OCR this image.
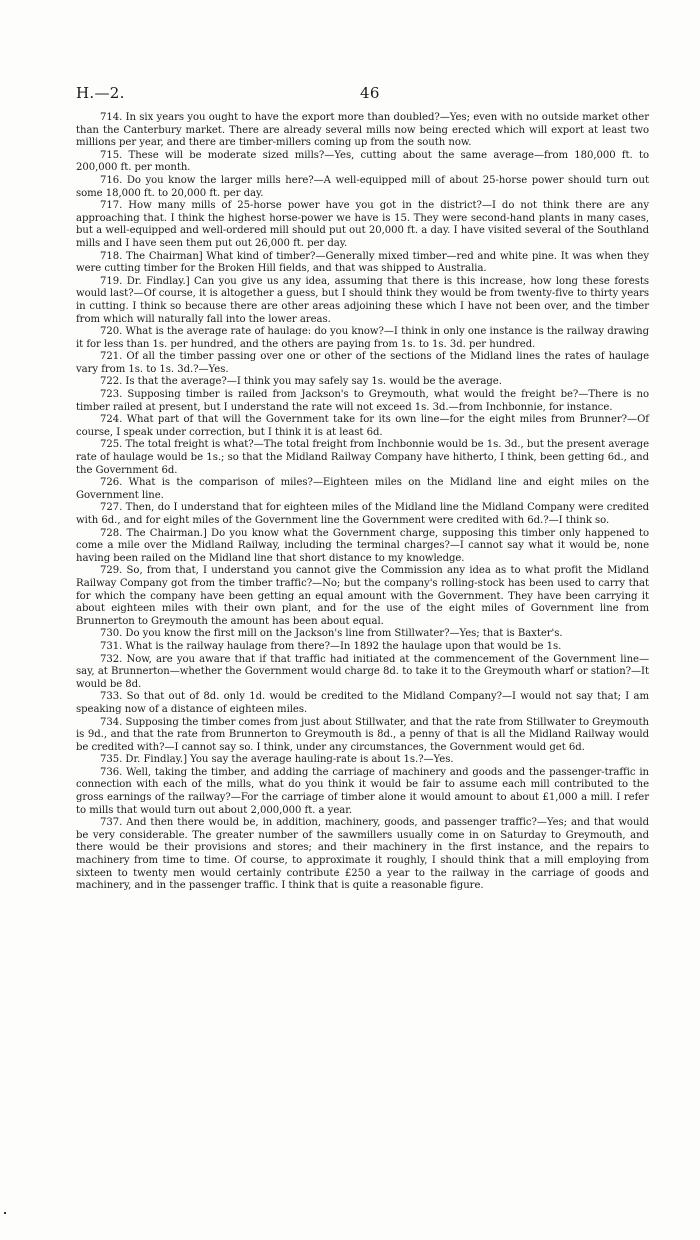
H.—2.	46

714. In six years you ought to have the export more than doubled?—Yes; even with no outside market other than the Canterbury market. There are already several mills now being erected which will export at least two millions per year, and there are timber-millers coming up from the south now.

715. These will be moderate sized mills?—Yes, cutting about the same average—from 180,000 ft. to 200,000 ft. per month.

716. Do you know the larger mills here?—A well-equipped mill of about 25-horse power should turn out some 18,000 ft. to 20,000 ft. per day.

717. How many mills of 25-horse power have you got in the district?—I do not think there are any approaching that. I think the highest horse-power we have is 15. They were second-hand plants in many cases, but a well-equipped and well-ordered mill should put out 20,000 ft. a day. I have visited several of the Southland mills and I have seen them put out 26,000 ft. per day.

718. The Chairman] What kind of timber?—Generally mixed timber—red and white pine. It was when they were cutting timber for the Broken Hill fields, and that was shipped to Australia.

719. Dr. Findlay.] Can you give us any idea, assuming that there is this increase, how long these forests would last?—Of course, it is altogether a guess, but I should think they would be from twenty-five to thirty years in cutting. I think so because there are other areas adjoining these which I have not been over, and the timber from which will naturally fall into the lower areas.

720. What is the average rate of haulage: do you know?—I think in only one instance is the railway drawing it for less than 1s. per hundred, and the others are paying from 1s. to 1s. 3d. per hundred.

721. Of all the timber passing over one or other of the sections of the Midland lines the rates of haulage vary from 1s. to 1s. 3d.?—Yes.

722. Is that the average?—I think you may safely say 1s. would be the average.

723. Supposing timber is railed from Jackson's to Greymouth, what would the freight be?—There is no timber railed at present, but I understand the rate will not exceed 1s. 3d.—from Inchbonnie, for instance.

724. What part of that will the Government take for its own line—for the eight miles from Brunner?—Of course, I speak under correction, but I think it is at least 6d.

725. The total freight is what?—The total freight from Inchbonnie would be 1s. 3d., but the present average rate of haulage would be 1s.; so that the Midland Railway Company have hitherto, I think, been getting 6d., and the Government 6d.

726. What is the comparison of miles?—Eighteen miles on the Midland line and eight miles on the Government line.

727. Then, do I understand that for eighteen miles of the Midland line the Midland Company were credited with 6d., and for eight miles of the Government line the Government were credited with 6d.?—I think so.

728. The Chairman.] Do you know what the Government charge, supposing this timber only happened to come a mile over the Midland Railway, including the terminal charges?—I cannot say what it would be, none having been railed on the Midland line that short distance to my knowledge.

729. So, from that, I understand you cannot give the Commission any idea as to what profit the Midland Railway Company got from the timber traffic?—No; but the company's rolling-stock has been used to carry that for which the company have been getting an equal amount with the Government. They have been carrying it about eighteen miles with their own plant, and for the use of the eight miles of Government line from Brunnerton to Greymouth the amount has been about equal.

730. Do you know the first mill on the Jackson's line from Stillwater?—Yes; that is Baxter's.

731. What is the railway haulage from there?—In 1892 the haulage upon that would be 1s.

732. Now, are you aware that if that traffic had initiated at the commencement of the Government line—say, at Brunnerton—whether the Government would charge 8d. to take it to the Greymouth wharf or station?—It would be 8d.

733. So that out of 8d. only 1d. would be credited to the Midland Company?—I would not say that; I am speaking now of a distance of eighteen miles.

734. Supposing the timber comes from just about Stillwater, and that the rate from Stillwater to Greymouth is 9d., and that the rate from Brunnerton to Greymouth is 8d., a penny of that is all the Midland Railway would be credited with?—I cannot say so. I think, under any circumstances, the Government would get 6d.

735. Dr. Findlay.] You say the average hauling-rate is about 1s.?—Yes.

736. Well, taking the timber, and adding the carriage of machinery and goods and the passenger-traffic in connection with each of the mills, what do you think it would be fair to assume each mill contributed to the gross earnings of the railway?—For the carriage of timber alone it would amount to about £1,000 a mill. I refer to mills that would turn out about 2,000,000 ft. a year.

737. And then there would be, in addition, machinery, goods, and passenger traffic?—Yes; and that would be very considerable. The greater number of the sawmillers usually come in on Saturday to Greymouth, and there would be their provisions and stores; and their machinery in the first instance, and the repairs to machinery from time to time. Of course, to approximate it roughly, I should think that a mill employing from sixteen to twenty men would certainly contribute £250 a year to the railway in the carriage of goods and machinery, and in the passenger traffic. I think that is quite a reasonable figure.
